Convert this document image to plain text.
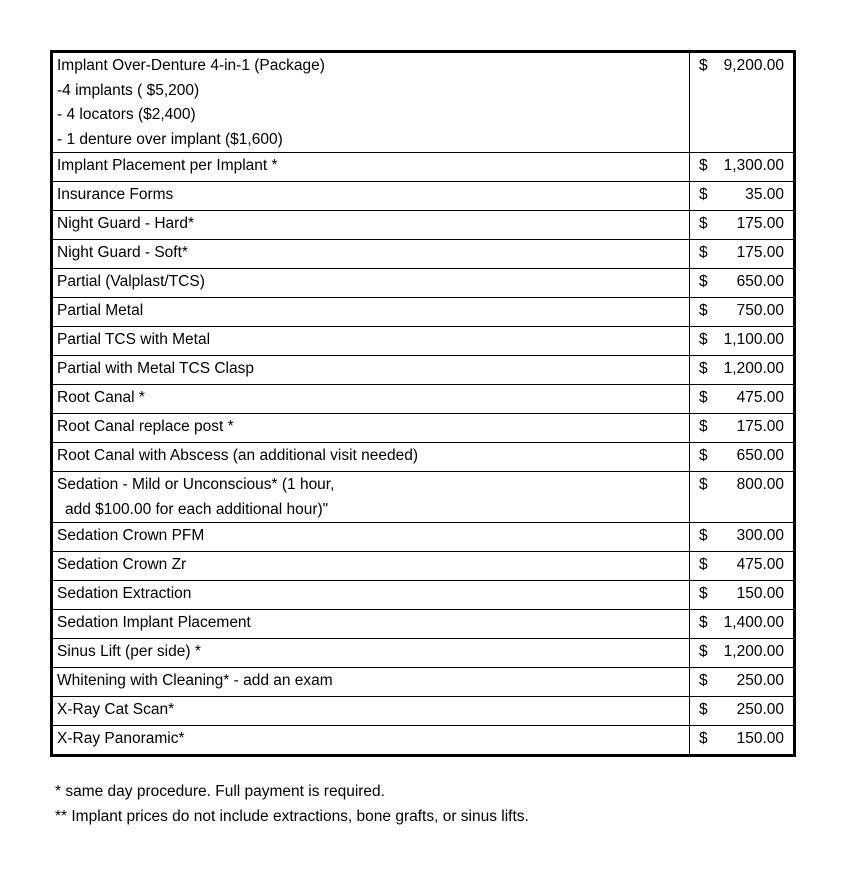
Implant Over-Denture 4-in-1 (Package)
-4 implants ( $5,200)
- 4 locators ($2,400)
- 1 denture over implant ($1,600)	$ 9,200.00

Implant Placement per Implant *	$ 1,300.00

Insurance Forms	$ 35.00

Night Guard - Hard*	$ 175.00

Night Guard - Soft*	$ 175.00

Partial (Valplast/TCS)	$ 650.00

Partial Metal	$ 750.00

Partial TCS with Metal	$ 1,100.00

Partial with Metal TCS Clasp	$ 1,200.00

Root Canal *	$ 475.00

Root Canal replace post *	$ 175.00

Root Canal with Abscess (an additional visit needed)	$ 650.00

Sedation - Mild or Unconscious* (1 hour,
add $100.00 for each additional hour)"	$ 800.00

Sedation Crown PFM	$ 300.00

Sedation Crown Zr	$ 475.00

Sedation Extraction	$ 150.00

Sedation Implant Placement	$ 1,400.00

Sinus Lift (per side) *	$ 1,200.00

Whitening with Cleaning* - add an exam	$ 250.00

X-Ray Cat Scan*	$ 250.00

X-Ray Panoramic*	$ 150.00
* same day procedure. Full payment is required.
** Implant prices do not include extractions, bone grafts, or sinus lifts.
